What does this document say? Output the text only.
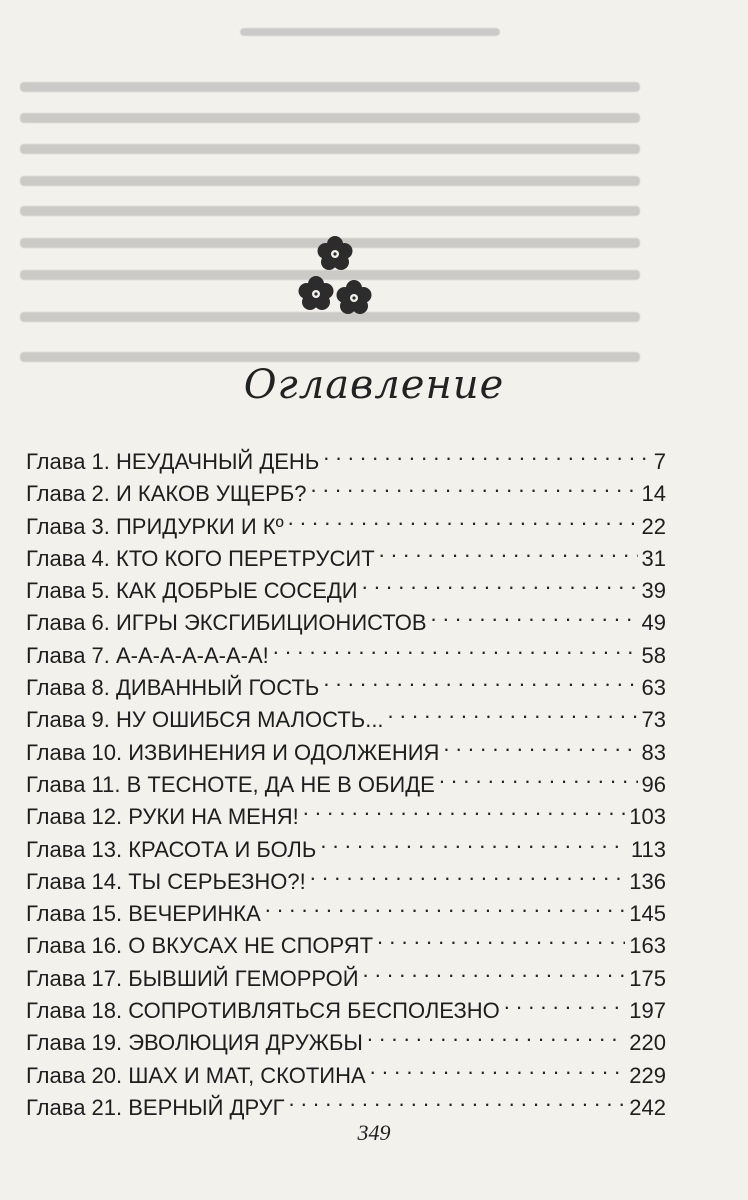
Оглавление
Глава 1. НЕУДАЧНЫЙ ДЕНЬ . . .	7
Глава 2. И КАКОВ УЩЕРБ? . . .	14
Глава 3. ПРИДУРКИ И Кº . . .	22
Глава 4. КТО КОГО ПЕРЕТРУСИТ . . .	31
Глава 5. КАК ДОБРЫЕ СОСЕДИ . . .	39
Глава 6. ИГРЫ ЭКСГИБИЦИОНИСТОВ . . .	49
Глава 7. А-А-А-А-А-А-А! . . .	58
Глава 8. ДИВАННЫЙ ГОСТЬ . . .	63
Глава 9. НУ ОШИБСЯ МАЛОСТЬ... . . .	73
Глава 10. ИЗВИНЕНИЯ И ОДОЛЖЕНИЯ . . .	83
Глава 11. В ТЕСНОТЕ, ДА НЕ В ОБИДЕ . . .	96
Глава 12. РУКИ НА МЕНЯ! . . .	103
Глава 13. КРАСОТА И БОЛЬ . . .	113
Глава 14. ТЫ СЕРЬЕЗНО?! . . .	136
Глава 15. ВЕЧЕРИНКА . . .	145
Глава 16. О ВКУСАХ НЕ СПОРЯТ . . .	163
Глава 17. БЫВШИЙ ГЕМОРРОЙ . . .	175
Глава 18. СОПРОТИВЛЯТЬСЯ БЕСПОЛЕЗНО . . .	197
Глава 19. ЭВОЛЮЦИЯ ДРУЖБЫ . . .	220
Глава 20. ШАХ И МАТ, СКОТИНА . . .	229
Глава 21. ВЕРНЫЙ ДРУГ . . .	242
349
